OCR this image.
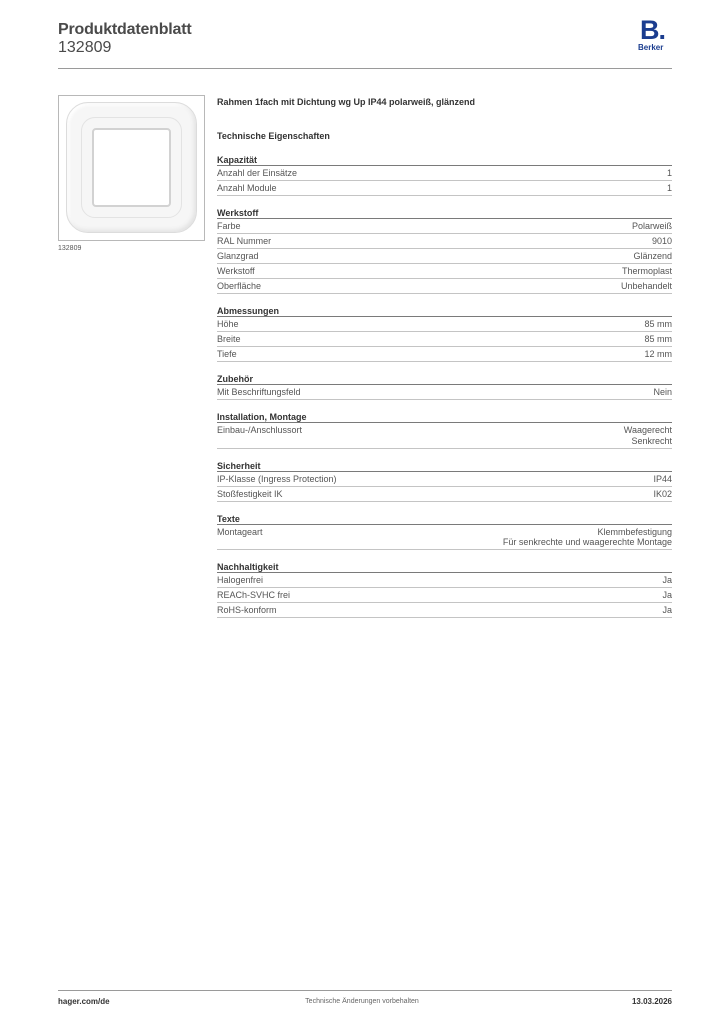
Produktdatenblatt
132809
B.
Berker
132809
Rahmen 1fach mit Dichtung wg Up IP44 polarweiß, glänzend
Technische Eigenschaften
Kapazität
Anzahl der Einsätze	1
Anzahl Module	1
Werkstoff
Farbe	Polarweiß
RAL Nummer	9010
Glanzgrad	Glänzend
Werkstoff	Thermoplast
Oberfläche	Unbehandelt
Abmessungen
Höhe	85 mm
Breite	85 mm
Tiefe	12 mm
Zubehör
Mit Beschriftungsfeld	Nein
Installation, Montage
Einbau-/Anschlussort	Waagerecht
Senkrecht
Sicherheit
IP-Klasse (Ingress Protection)	IP44
Stoßfestigkeit IK	IK02
Texte
Montageart	Klemmbefestigung
Für senkrechte und waagerechte Montage
Nachhaltigkeit
Halogenfrei	Ja
REACh-SVHC frei	Ja
RoHS-konform	Ja
hager.com/de	Technische Änderungen vorbehalten	13.03.2026
